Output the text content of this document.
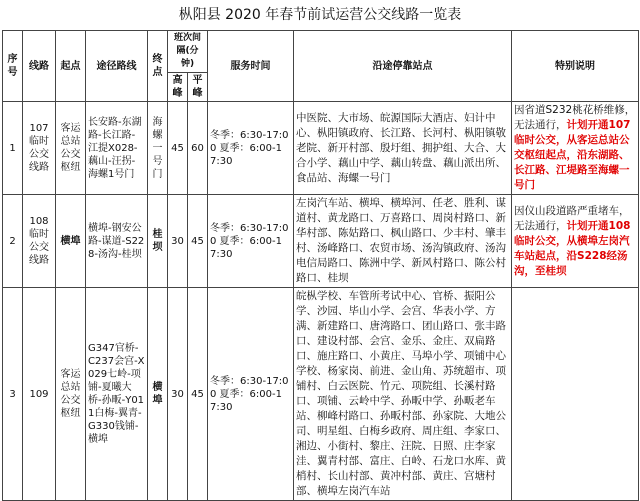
枞阳县 2020 年春节前试运营公交线路一览表
序号	线路	起点	途径路线	终点	班次间隔(分钟)		服务时间	沿途停靠站点	特别说明
					高峰	平峰			
1	107临时公交线路	客运总站公交枢纽	长安路-东湖路-长江路-江提X028-藕山-汪拐-海螺1号门	海螺一号门	45	60	冬季：6:30-17:00 夏季：6:00-17:30	中医院、大市场、皖源国际大酒店、妇计中心、枞阳镇政府、长江路、长河村、枞阳镇敬老院、新开村部、殷圩组、拥护组、大合、大合小学、藕山中学、藕山转盘、藕山派出所、食品站、海螺一号门	因省道S232桃花桥维修，无法通行，计划开通107临时公交，从客运总站公交枢纽起点，沿东湖路、长江路、江堤路至海螺一号门
2	108临时公交线路	横埠	横埠-钢安公路-谋道-S228-汤沟-桂坝	桂坝	30	45	冬季：6:30-17:00 夏季：6:00-17:30	左岗汽车站、横埠、横埠河、任老、胜利、谋道村、黄龙路口、万喜路口、周岗村路口、新华村部、陈姑路口、枫山路口、少丰村、肇丰村、汤峰路口、农贸市场、汤沟镇政府、汤沟电信局路口、陈洲中学、新风村路口、陈公村路口、桂坝	因仪山段道路严重堵车，无法通行，计划开通108临时公交，从横埠左岗汽车站起点，沿S228经汤沟，至桂坝
3	109	客运总站公交枢纽	G347官桥-C237会宫-X029七岭-项铺-夏曦大桥-孙畈-Y011白梅-翼青-G330钱铺-横埠	横埠	30	45	冬季：6:30-17:00 夏季：6:00-17:30	皖枞学校、车管所考试中心、官桥、振阳公学、沙园、毕山小学、会宫、华表小学、方满、新建路口、唐湾路口、团山路口、张丰路口、建设村部、会宫、金乐、金庄、双扁路口、施庄路口、小黄庄、马埠小学、项铺中心学校、杨家岗、前进、金山角、苏统超市、项铺村、白云医院、竹元、项院组、长溪村路口、项铺、云岭中学、孙畈中学、孙畈老车站、柳峰村路口、孙畈村部、孙家院、大地公司、明星组、白梅乡政府、周庄组、李家口、湘边、小街村、黎庄、汪院、日照、庄李家洼、翼青村部、富庄、白岭、石龙口水库、黄梢村、长山村部、黄冲村部、黄庄、宫塘村部、横埠左岗汽车站	
